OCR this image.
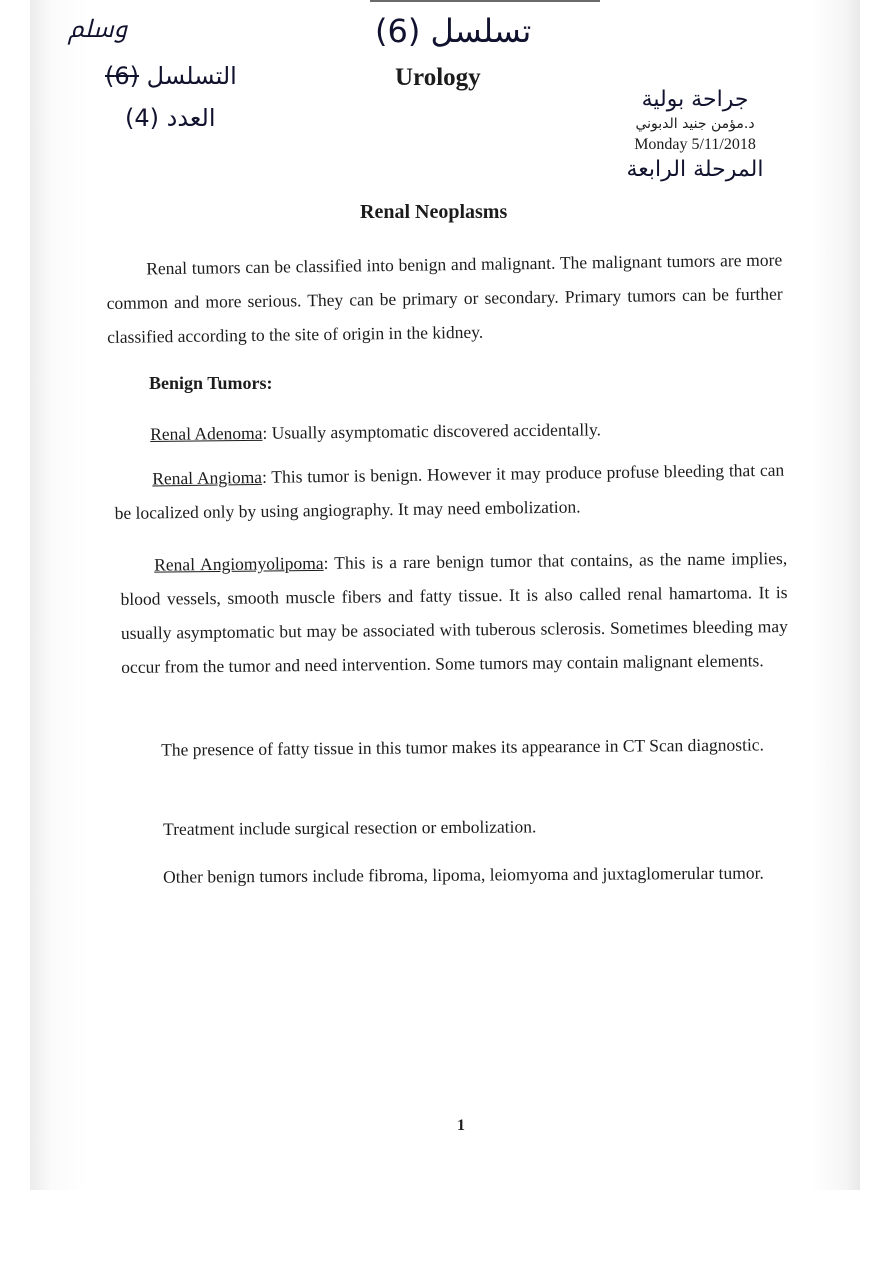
ﷸ	تسلسل (6)
التسلسل (6)
العدد (4)
Urology
جراحة بولية
د.مؤمن جنيد الدبوني
Monday 5/11/2018
المرحلة الرابعة
Renal Neoplasms

Renal tumors can be classified into benign and malignant. The malignant tumors are more common and more serious. They can be primary or secondary. Primary tumors can be further classified according to the site of origin in the kidney.

Benign Tumors:

Renal Adenoma: Usually asymptomatic discovered accidentally.

Renal Angioma: This tumor is benign. However it may produce profuse bleeding that can be localized only by using angiography. It may need embolization.

Renal Angiomyolipoma: This is a rare benign tumor that contains, as the name implies, blood vessels, smooth muscle fibers and fatty tissue. It is also called renal hamartoma. It is usually asymptomatic but may be associated with tuberous sclerosis. Sometimes bleeding may occur from the tumor and need intervention. Some tumors may contain malignant elements.

The presence of fatty tissue in this tumor makes its appearance in CT Scan diagnostic.

Treatment include surgical resection or embolization.

Other benign tumors include fibroma, lipoma, leiomyoma and juxtaglomerular tumor.

1
